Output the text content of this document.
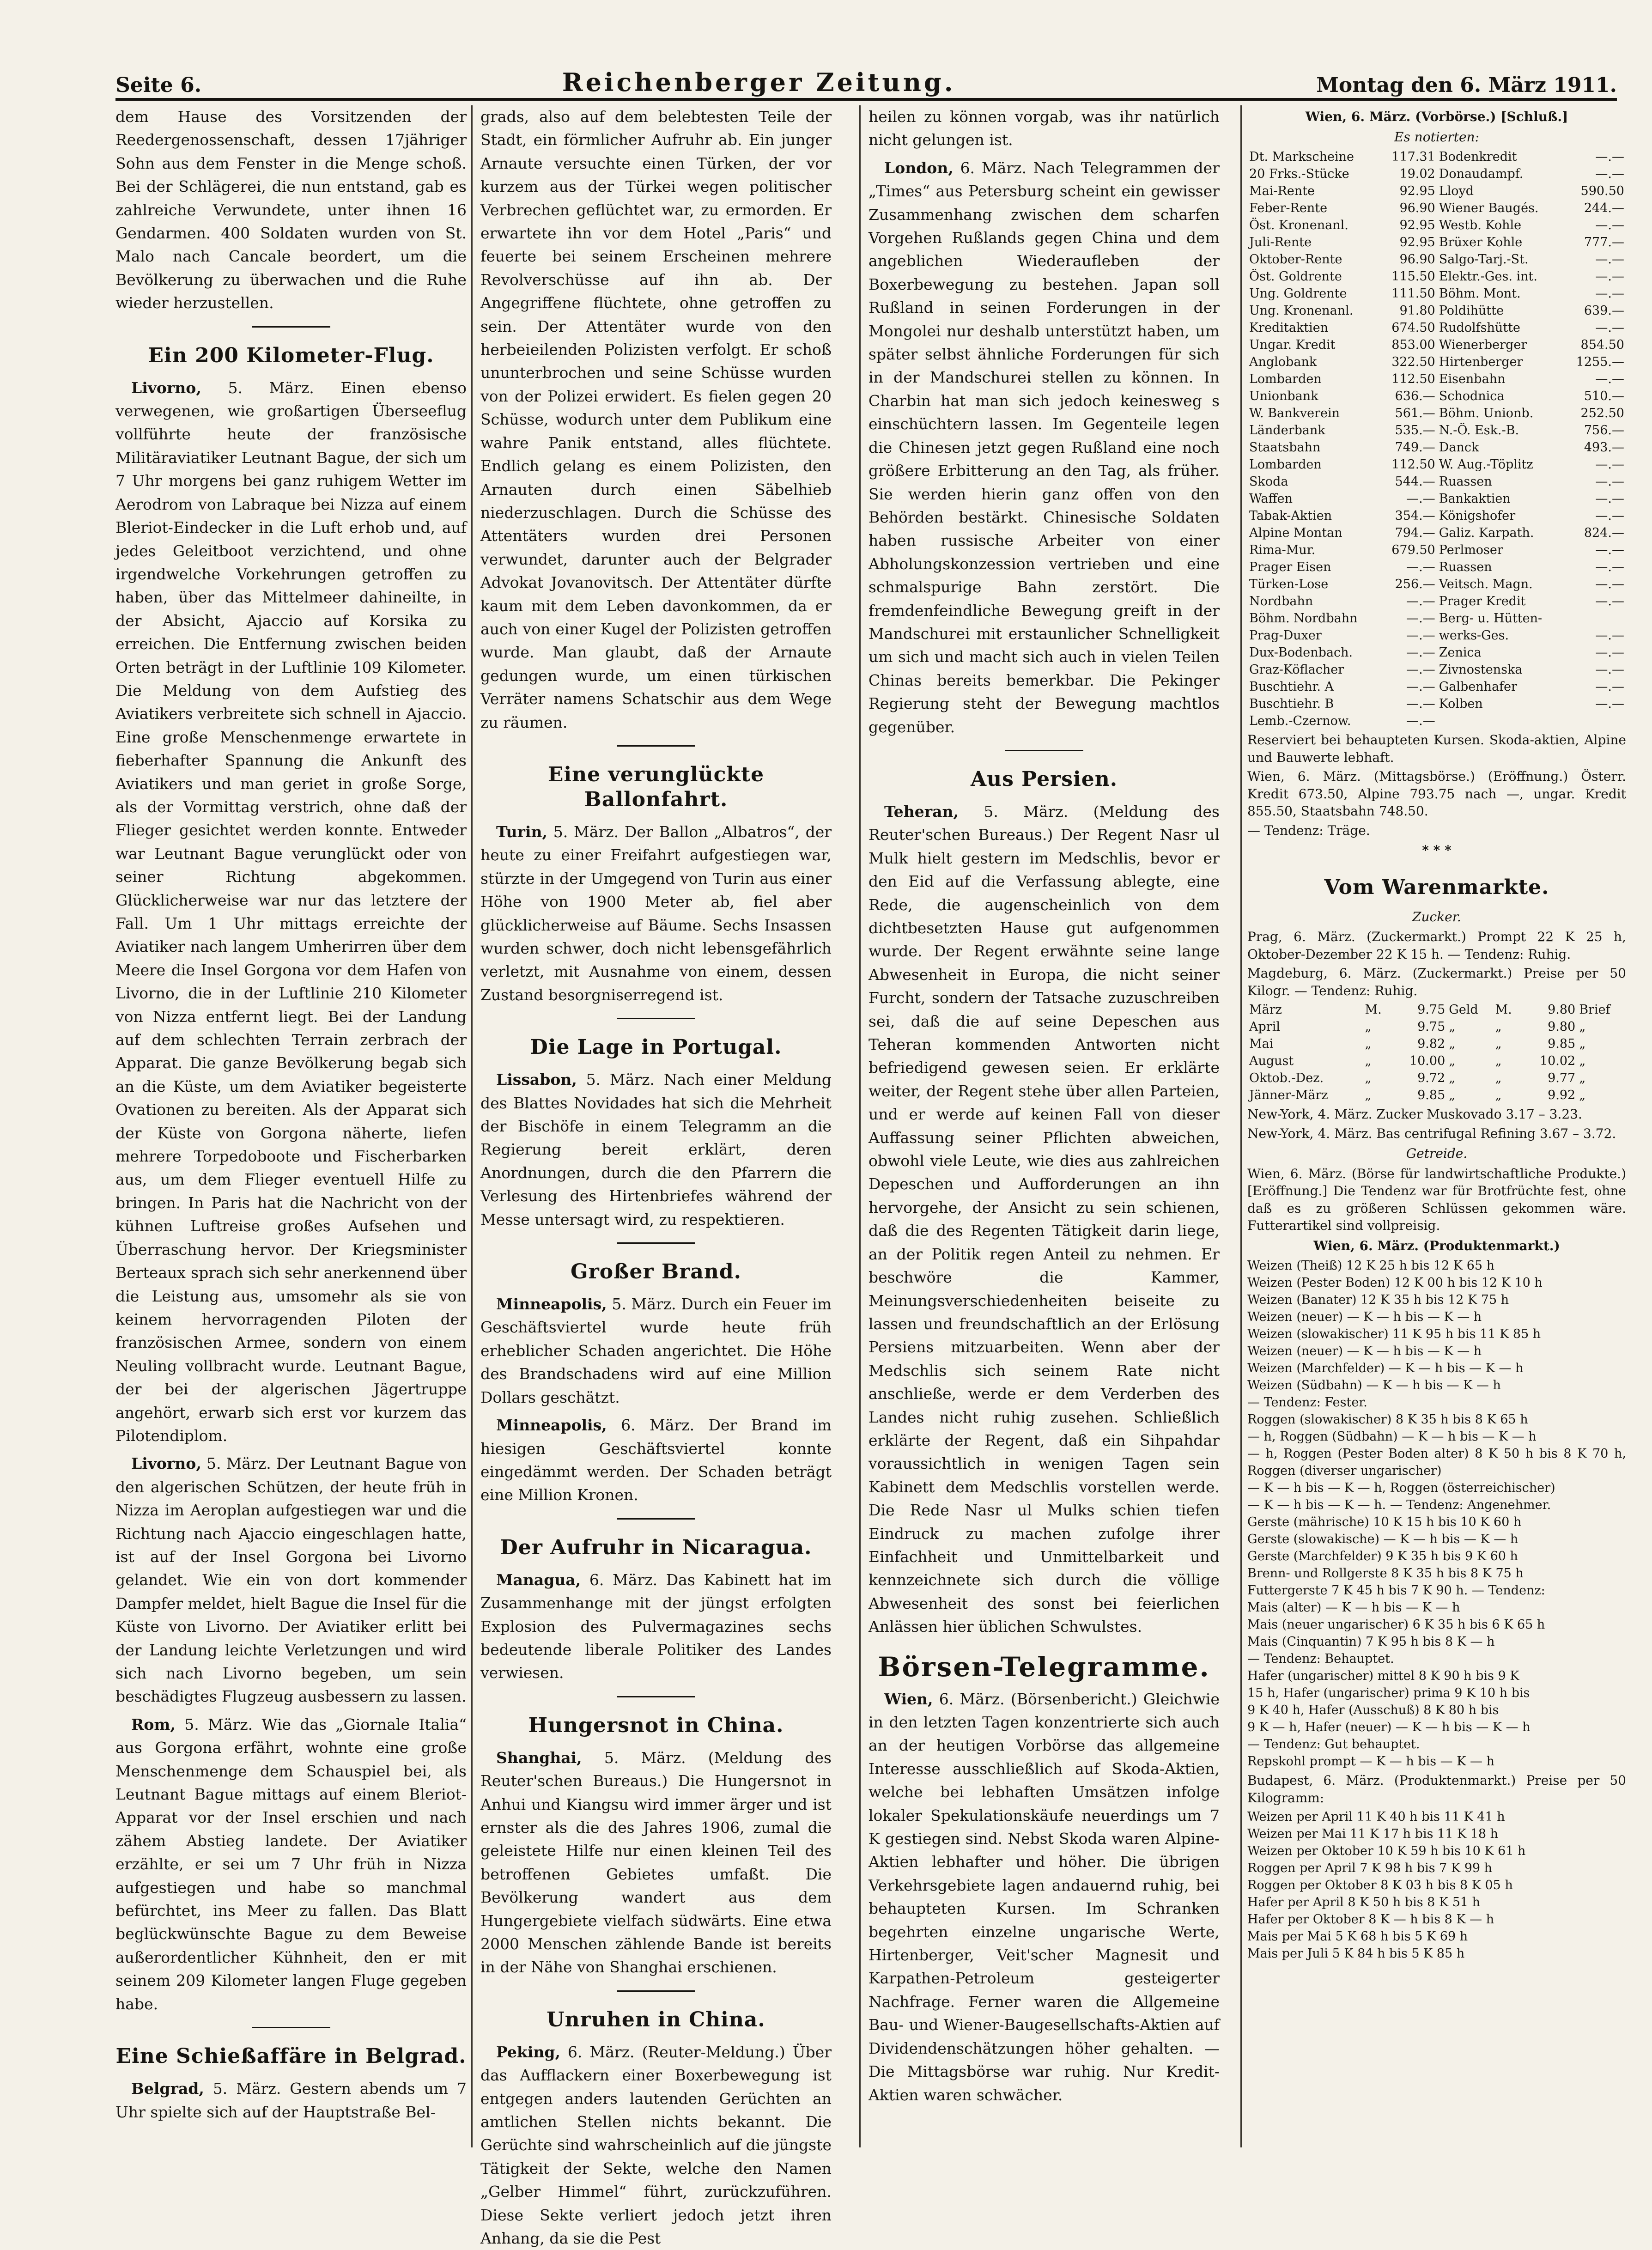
Seite 6.	Reichenberger Zeitung.	Montag den 6. März 1911.

dem Hause des Vorsitzenden der Reedergenossenschaft, dessen 17jähriger Sohn aus dem Fenster in die Menge schoß. Bei der Schlägerei, die nun entstand, gab es zahlreiche Verwundete, unter ihnen 16 Gendarmen. 400 Soldaten wurden von St. Malo nach Cancale beordert, um die Bevölkerung zu überwachen und die Ruhe wieder herzustellen.

Ein 200 Kilometer-Flug.

Livorno, 5. März. Einen ebenso verwegenen, wie großartigen Überseeflug vollführte heute der französische Militäraviatiker Leutnant Bague, der sich um 7 Uhr morgens bei ganz ruhigem Wetter im Aerodrom von Labraque bei Nizza auf einem Bleriot-Eindecker in die Luft erhob und, auf jedes Geleitboot verzichtend, und ohne irgendwelche Vorkehrungen getroffen zu haben, über das Mittelmeer dahineilte, in der Absicht, Ajaccio auf Korsika zu erreichen. Die Entfernung zwischen beiden Orten beträgt in der Luftlinie 109 Kilometer. Die Meldung von dem Aufstieg des Aviatikers verbreitete sich schnell in Ajaccio. Eine große Menschenmenge erwartete in fieberhafter Spannung die Ankunft des Aviatikers und man geriet in große Sorge, als der Vormittag verstrich, ohne daß der Flieger gesichtet werden konnte. Entweder war Leutnant Bague verunglückt oder von seiner Richtung abgekommen. Glücklicherweise war nur das letztere der Fall. Um 1 Uhr mittags erreichte der Aviatiker nach langem Umherirren über dem Meere die Insel Gorgona vor dem Hafen von Livorno, die in der Luftlinie 210 Kilometer von Nizza entfernt liegt. Bei der Landung auf dem schlechten Terrain zerbrach der Apparat. Die ganze Bevölkerung begab sich an die Küste, um dem Aviatiker begeisterte Ovationen zu bereiten. Als der Apparat sich der Küste von Gorgona näherte, liefen mehrere Torpedoboote und Fischerbarken aus, um dem Flieger eventuell Hilfe zu bringen. In Paris hat die Nachricht von der kühnen Luftreise großes Aufsehen und Überraschung hervor. Der Kriegsminister Berteaux sprach sich sehr anerkennend über die Leistung aus, umsomehr als sie von keinem hervorragenden Piloten der französischen Armee, sondern von einem Neuling vollbracht wurde. Leutnant Bague, der bei der algerischen Jägertruppe angehört, erwarb sich erst vor kurzem das Pilotendiplom.

Livorno, 5. März. Der Leutnant Bague von den algerischen Schützen, der heute früh in Nizza im Aeroplan aufgestiegen war und die Richtung nach Ajaccio eingeschlagen hatte, ist auf der Insel Gorgona bei Livorno gelandet. Wie ein von dort kommender Dampfer meldet, hielt Bague die Insel für die Küste von Livorno. Der Aviatiker erlitt bei der Landung leichte Verletzungen und wird sich nach Livorno begeben, um sein beschädigtes Flugzeug ausbessern zu lassen.

Rom, 5. März. Wie das „Giornale Italia“ aus Gorgona erfährt, wohnte eine große Menschenmenge dem Schauspiel bei, als Leutnant Bague mittags auf einem Bleriot-Apparat vor der Insel erschien und nach zähem Abstieg landete. Der Aviatiker erzählte, er sei um 7 Uhr früh in Nizza aufgestiegen und habe so manchmal befürchtet, ins Meer zu fallen. Das Blatt beglückwünschte Bague zu dem Beweise außerordentlicher Kühnheit, den er mit seinem 209 Kilometer langen Fluge gegeben habe.

Eine Schießaffäre in Belgrad.

Belgrad, 5. März. Gestern abends um 7 Uhr spielte sich auf der Hauptstraße Bel-

grads, also auf dem belebtesten Teile der Stadt, ein förmlicher Aufruhr ab. Ein junger Arnaute versuchte einen Türken, der vor kurzem aus der Türkei wegen politischer Verbrechen geflüchtet war, zu ermorden. Er erwartete ihn vor dem Hotel „Paris“ und feuerte bei seinem Erscheinen mehrere Revolverschüsse auf ihn ab. Der Angegriffene flüchtete, ohne getroffen zu sein. Der Attentäter wurde von den herbeieilenden Polizisten verfolgt. Er schoß ununterbrochen und seine Schüsse wurden von der Polizei erwidert. Es fielen gegen 20 Schüsse, wodurch unter dem Publikum eine wahre Panik entstand, alles flüchtete. Endlich gelang es einem Polizisten, den Arnauten durch einen Säbelhieb niederzuschlagen. Durch die Schüsse des Attentäters wurden drei Personen verwundet, darunter auch der Belgrader Advokat Jovanovitsch. Der Attentäter dürfte kaum mit dem Leben davonkommen, da er auch von einer Kugel der Polizisten getroffen wurde. Man glaubt, daß der Arnaute gedungen wurde, um einen türkischen Verräter namens Schatschir aus dem Wege zu räumen.

Eine verunglückte Ballonfahrt.

Turin, 5. März. Der Ballon „Albatros“, der heute zu einer Freifahrt aufgestiegen war, stürzte in der Umgegend von Turin aus einer Höhe von 1900 Meter ab, fiel aber glücklicherweise auf Bäume. Sechs Insassen wurden schwer, doch nicht lebensgefährlich verletzt, mit Ausnahme von einem, dessen Zustand besorgniserregend ist.

Die Lage in Portugal.

Lissabon, 5. März. Nach einer Meldung des Blattes Novidades hat sich die Mehrheit der Bischöfe in einem Telegramm an die Regierung bereit erklärt, deren Anordnungen, durch die den Pfarrern die Verlesung des Hirtenbriefes während der Messe untersagt wird, zu respektieren.

Großer Brand.

Minneapolis, 5. März. Durch ein Feuer im Geschäftsviertel wurde heute früh erheblicher Schaden angerichtet. Die Höhe des Brandschadens wird auf eine Million Dollars geschätzt.

Minneapolis, 6. März. Der Brand im hiesigen Geschäftsviertel konnte eingedämmt werden. Der Schaden beträgt eine Million Kronen.

Der Aufruhr in Nicaragua.

Managua, 6. März. Das Kabinett hat im Zusammenhange mit der jüngst erfolgten Explosion des Pulvermagazines sechs bedeutende liberale Politiker des Landes verwiesen.

Hungersnot in China.

Shanghai, 5. März. (Meldung des Reuter'schen Bureaus.) Die Hungersnot in Anhui und Kiangsu wird immer ärger und ist ernster als die des Jahres 1906, zumal die geleistete Hilfe nur einen kleinen Teil des betroffenen Gebietes umfaßt. Die Bevölkerung wandert aus dem Hungergebiete vielfach südwärts. Eine etwa 2000 Menschen zählende Bande ist bereits in der Nähe von Shanghai erschienen.

Unruhen in China.

Peking, 6. März. (Reuter-Meldung.) Über das Aufflackern einer Boxerbewegung ist entgegen anders lautenden Gerüchten an amtlichen Stellen nichts bekannt. Die Gerüchte sind wahrscheinlich auf die jüngste Tätigkeit der Sekte, welche den Namen „Gelber Himmel“ führt, zurückzuführen. Diese Sekte verliert jedoch jetzt ihren Anhang, da sie die Pest

heilen zu können vorgab, was ihr natürlich nicht gelungen ist.

London, 6. März. Nach Telegrammen der „Times“ aus Petersburg scheint ein gewisser Zusammenhang zwischen dem scharfen Vorgehen Rußlands gegen China und dem angeblichen Wiederaufleben der Boxerbewegung zu bestehen. Japan soll Rußland in seinen Forderungen in der Mongolei nur deshalb unterstützt haben, um später selbst ähnliche Forderungen für sich in der Mandschurei stellen zu können. In Charbin hat man sich jedoch keinesweg s einschüchtern lassen. Im Gegenteile legen die Chinesen jetzt gegen Rußland eine noch größere Erbitterung an den Tag, als früher. Sie werden hierin ganz offen von den Behörden bestärkt. Chinesische Soldaten haben russische Arbeiter von einer Abholungskonzession vertrieben und eine schmalspurige Bahn zerstört. Die fremdenfeindliche Bewegung greift in der Mandschurei mit erstaunlicher Schnelligkeit um sich und macht sich auch in vielen Teilen Chinas bereits bemerkbar. Die Pekinger Regierung steht der Bewegung machtlos gegenüber.

Aus Persien.

Teheran, 5. März. (Meldung des Reuter'schen Bureaus.) Der Regent Nasr ul Mulk hielt gestern im Medschlis, bevor er den Eid auf die Verfassung ablegte, eine Rede, die augenscheinlich von dem dichtbesetzten Hause gut aufgenommen wurde. Der Regent erwähnte seine lange Abwesenheit in Europa, die nicht seiner Furcht, sondern der Tatsache zuzuschreiben sei, daß die auf seine Depeschen aus Teheran kommenden Antworten nicht befriedigend gewesen seien. Er erklärte weiter, der Regent stehe über allen Parteien, und er werde auf keinen Fall von dieser Auffassung seiner Pflichten abweichen, obwohl viele Leute, wie dies aus zahlreichen Depeschen und Aufforderungen an ihn hervorgehe, der Ansicht zu sein schienen, daß die des Regenten Tätigkeit darin liege, an der Politik regen Anteil zu nehmen. Er beschwöre die Kammer, Meinungsverschiedenheiten beiseite zu lassen und freundschaftlich an der Erlösung Persiens mitzuarbeiten. Wenn aber der Medschlis sich seinem Rate nicht anschließe, werde er dem Verderben des Landes nicht ruhig zusehen. Schließlich erklärte der Regent, daß ein Sihpahdar voraussichtlich in wenigen Tagen sein Kabinett dem Medschlis vorstellen werde. Die Rede Nasr ul Mulks schien tiefen Eindruck zu machen zufolge ihrer Einfachheit und Unmittelbarkeit und kennzeichnete sich durch die völlige Abwesenheit des sonst bei feierlichen Anlässen hier üblichen Schwulstes.

Börsen-Telegramme.

Wien, 6. März. (Börsenbericht.) Gleichwie in den letzten Tagen konzentrierte sich auch an der heutigen Vorbörse das allgemeine Interesse ausschließlich auf Skoda-Aktien, welche bei lebhaften Umsätzen infolge lokaler Spekulationskäufe neuerdings um 7 K gestiegen sind. Nebst Skoda waren Alpine-Aktien lebhafter und höher. Die übrigen Verkehrsgebiete lagen andauernd ruhig, bei behaupteten Kursen. Im Schranken begehrten einzelne ungarische Werte, Hirtenberger, Veit'scher Magnesit und Karpathen-Petroleum gesteigerter Nachfrage. Ferner waren die Allgemeine Bau- und Wiener-Baugesellschafts-Aktien auf Dividendenschätzungen höher gehalten. — Die Mittagsbörse war ruhig. Nur Kredit-Aktien waren schwächer.

Wien, 6. März. (Vorbörse.) [Schluß.]
Es notierten:
Dt. Markscheine	117.31	Bodenkredit	—.—
20 Frks.-Stücke	19.02	Donaudampf.	—.—
Mai-Rente	92.95	Lloyd	590.50
Feber-Rente	96.90	Wiener Baugés.	244.—
Öst. Kronenanl.	92.95	Westb. Kohle	—.—
Juli-Rente	92.95	Brüxer Kohle	777.—
Oktober-Rente	96.90	Salgo-Tarj.-St.	—.—
Öst. Goldrente	115.50	Elektr.-Ges. int.	—.—
Ung. Goldrente	111.50	Böhm. Mont.	—.—
Ung. Kronenanl.	91.80	Poldihütte	639.—
Kreditaktien	674.50	Rudolfshütte	—.—
Ungar. Kredit	853.00	Wienerberger	854.50
Anglobank	322.50	Hirtenberger	1255.—
Lombarden	112.50	Eisenbahn	—.—
Unionbank	636.—	Schodnica	510.—
W. Bankverein	561.—	Böhm. Unionb.	252.50
Länderbank	535.—	N.-Ö. Esk.-B.	756.—
Staatsbahn	749.—	Danck	493.—
Lombarden	112.50	W. Aug.-Töplitz	—.—
Skoda	544.—	Ruassen	—.—
Waffen	—.—	Bankaktien	—.—
Tabak-Aktien	354.—	Königshofer	—.—
Alpine Montan	794.—	Galiz. Karpath.	824.—
Rima-Mur.	679.50	Perlmoser	—.—
Prager Eisen	—.—	Ruassen	—.—
Türken-Lose	256.—	Veitsch. Magn.	—.—
Nordbahn	—.—	Prager Kredit	—.—
Böhm. Nordbahn	—.—	Berg- u. Hütten-	
Prag-Duxer	—.—	werks-Ges.	—.—
Dux-Bodenbach.	—.—	Zenica	—.—
Graz-Köflacher	—.—	Zivnostenska	—.—
Buschtiehr. A	—.—	Galbenhafer	—.—
Buschtiehr. B	—.—	Kolben	—.—
Lemb.-Czernow.	—.—		

Reserviert bei behaupteten Kursen. Skoda-aktien, Alpine und Bauwerte lebhaft.

Wien, 6. März. (Mittagsbörse.) (Eröffnung.) Österr. Kredit 673.50, Alpine 793.75 nach —, ungar. Kredit 855.50, Staatsbahn 748.50.

— Tendenz: Träge.

* * *
Vom Warenmarkte.
Zucker.

Prag, 6. März. (Zuckermarkt.) Prompt 22 K 25 h, Oktober-Dezember 22 K 15 h. — Tendenz: Ruhig.

Magdeburg, 6. März. (Zuckermarkt.) Preise per 50 Kilogr. — Tendenz: Ruhig.

März	M.	9.75	Geld	M.	9.80	Brief
April	„	9.75	„	„	9.80	„
Mai	„	9.82	„	„	9.85	„
August	„	10.00	„	„	10.02	„
Oktob.-Dez.	„	9.72	„	„	9.77	„
Jänner-März	„	9.85	„	„	9.92	„

New-York, 4. März. Zucker Muskovado 3.17 – 3.23.

New-York, 4. März. Bas centrifugal Refining 3.67 – 3.72.

Getreide.

Wien, 6. März. (Börse für landwirtschaftliche Produkte.) [Eröffnung.] Die Tendenz war für Brotfrüchte fest, ohne daß es zu größeren Schlüssen gekommen wäre. Futterartikel sind vollpreisig.

Wien, 6. März. (Produktenmarkt.)
Weizen (Theiß) 12 K 25 h bis 12 K 65 h
Weizen (Pester Boden) 12 K 00 h bis 12 K 10 h
Weizen (Banater) 12 K 35 h bis 12 K 75 h
Weizen (neuer) — K — h bis — K — h
Weizen (slowakischer) 11 K 95 h bis 11 K 85 h
Weizen (neuer) — K — h bis — K — h
Weizen (Marchfelder) — K — h bis — K — h
Weizen (Südbahn) — K — h bis — K — h
— Tendenz: Fester.
Roggen (slowakischer) 8 K 35 h bis 8 K 65 h
— h, Roggen (Südbahn) — K — h bis — K — h
— h, Roggen (Pester Boden alter) 8 K 50 h bis 8 K 70 h, Roggen (diverser ungarischer)
— K — h bis — K — h, Roggen (österreichischer)
— K — h bis — K — h. — Tendenz: Angenehmer.
Gerste (mährische) 10 K 15 h bis 10 K 60 h
Gerste (slowakische) — K — h bis — K — h
Gerste (Marchfelder) 9 K 35 h bis 9 K 60 h
Brenn- und Rollgerste 8 K 35 h bis 8 K 75 h
Futtergerste 7 K 45 h bis 7 K 90 h. — Tendenz:
Mais (alter) — K — h bis — K — h
Mais (neuer ungarischer) 6 K 35 h bis 6 K 65 h
Mais (Cinquantin) 7 K 95 h bis 8 K — h
— Tendenz: Behauptet.
Hafer (ungarischer) mittel 8 K 90 h bis 9 K
15 h, Hafer (ungarischer) prima 9 K 10 h bis
9 K 40 h, Hafer (Ausschuß) 8 K 80 h bis
9 K — h, Hafer (neuer) — K — h bis — K — h
— Tendenz: Gut behauptet.
Repskohl prompt — K — h bis — K — h

Budapest, 6. März. (Produktenmarkt.) Preise per 50 Kilogramm:

Weizen per April 11 K 40 h bis 11 K 41 h
Weizen per Mai 11 K 17 h bis 11 K 18 h
Weizen per Oktober 10 K 59 h bis 10 K 61 h
Roggen per April 7 K 98 h bis 7 K 99 h
Roggen per Oktober 8 K 03 h bis 8 K 05 h
Hafer per April 8 K 50 h bis 8 K 51 h
Hafer per Oktober 8 K — h bis 8 K — h
Mais per Mai 5 K 68 h bis 5 K 69 h
Mais per Juli 5 K 84 h bis 5 K 85 h
